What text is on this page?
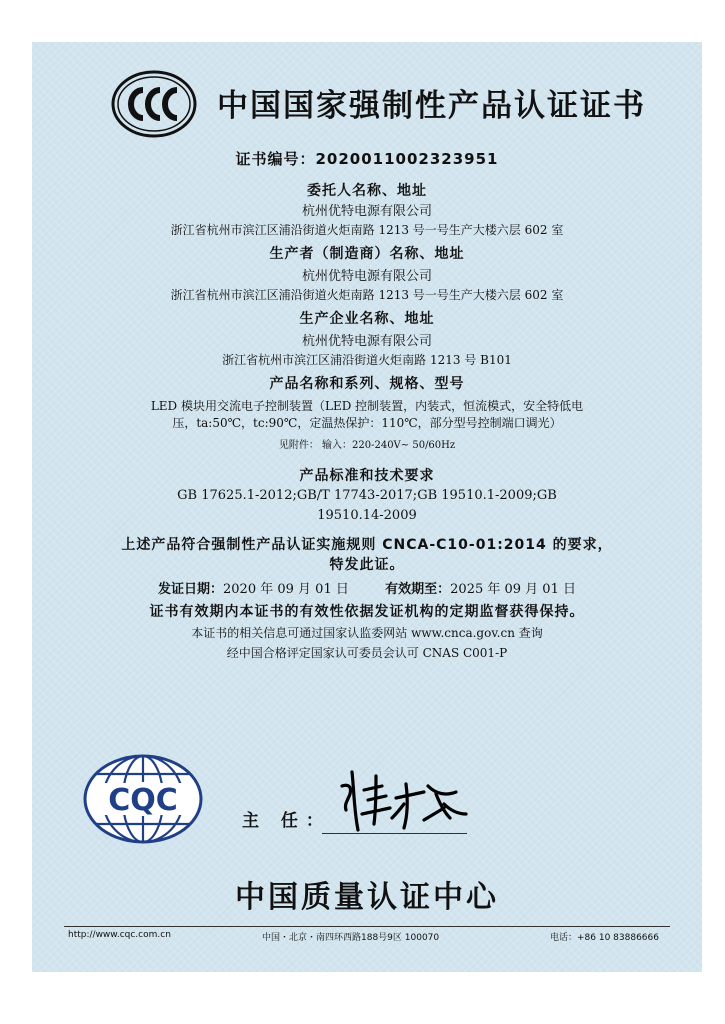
中国国家强制性产品认证证书
证书编号：2020011002323951
委托人名称、地址
杭州优特电源有限公司
浙江省杭州市滨江区浦沿街道火炬南路 1213 号一号生产大楼六层 602 室
生产者（制造商）名称、地址
杭州优特电源有限公司
浙江省杭州市滨江区浦沿街道火炬南路 1213 号一号生产大楼六层 602 室
生产企业名称、地址
杭州优特电源有限公司
浙江省杭州市滨江区浦沿街道火炬南路 1213 号 B101
产品名称和系列、规格、型号
LED 模块用交流电子控制装置（LED 控制装置，内装式，恒流模式，安全特低电
压，ta:50℃，tc:90℃，定温热保护：110℃，部分型号控制端口调光）
见附件： 输入：220-240V~ 50/60Hz
产品标准和技术要求
GB 17625.1-2012;GB/T 17743-2017;GB 19510.1-2009;GB
19510.14-2009
上述产品符合强制性产品认证实施规则 CNCA-C10-01:2014 的要求，
特发此证。
发证日期：2020 年 09 月 01 日	有效期至：2025 年 09 月 01 日
证书有效期内本证书的有效性依据发证机构的定期监督获得保持。
本证书的相关信息可通过国家认监委网站 www.cnca.gov.cn 查询
经中国合格评定国家认可委员会认可 CNAS C001-P
CQC
主 任：
中国质量认证中心
http://www.cqc.com.cn	中国・北京・南四环西路188号9区 100070	电话：+86 10 83886666
